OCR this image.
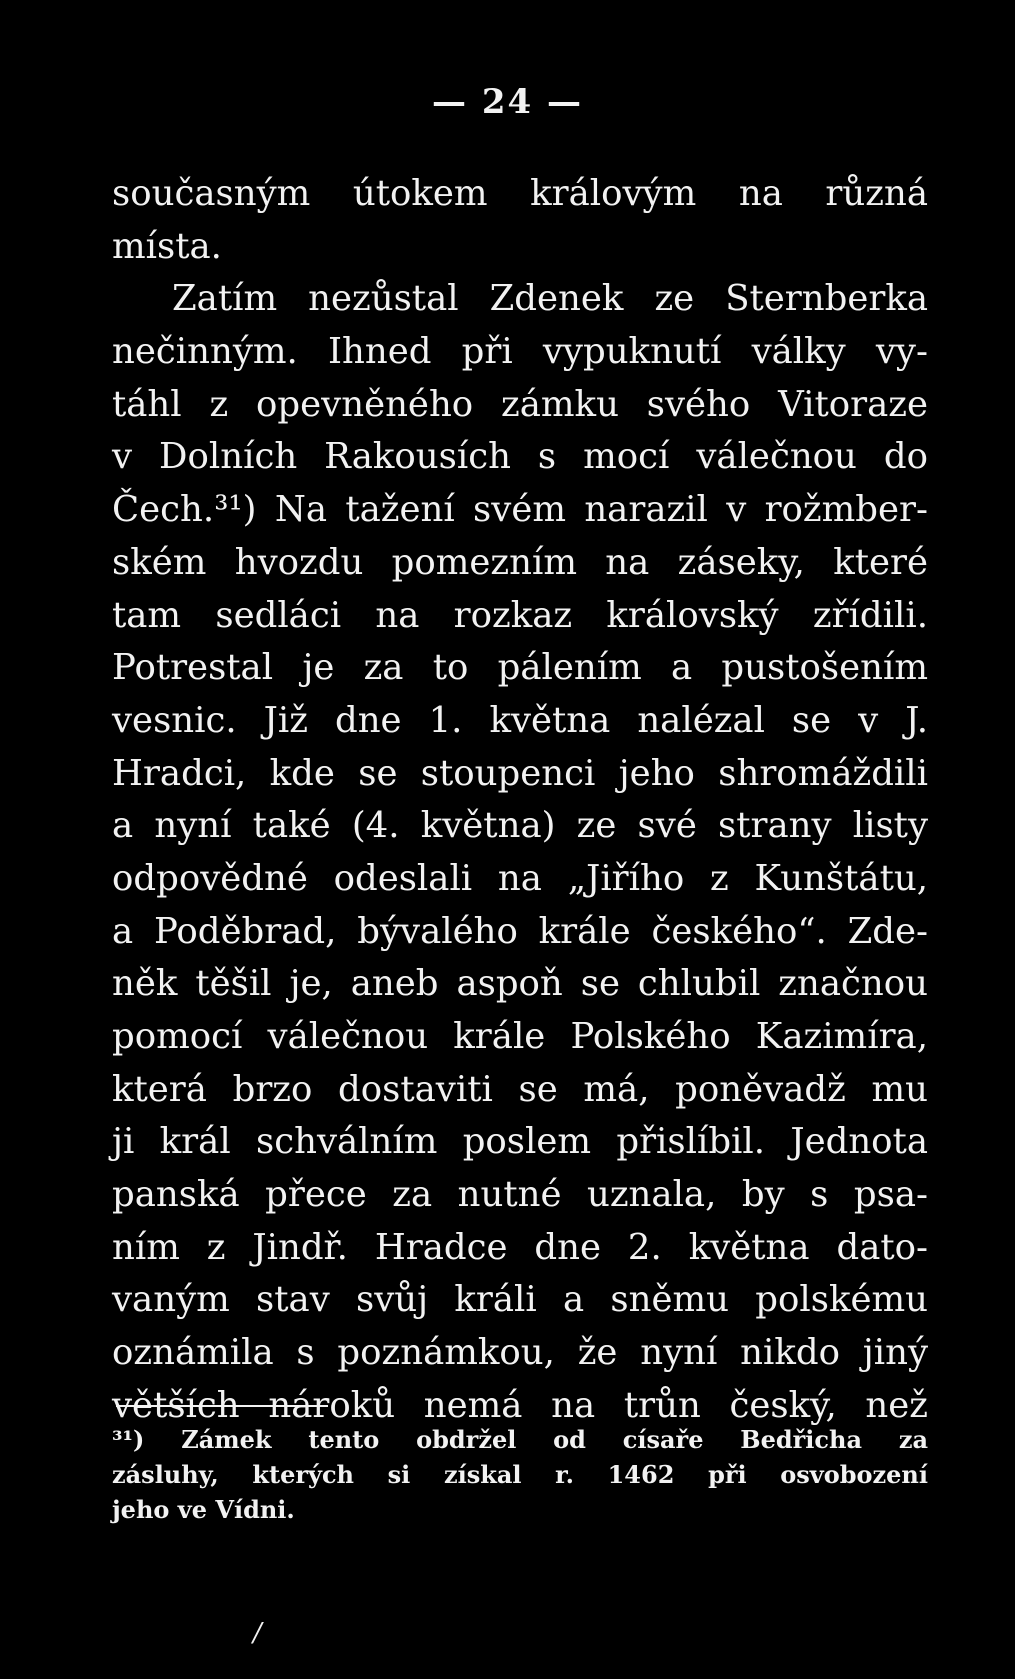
— 24 —
současným útokem královým na různá
místa.
Zatím nezůstal Zdenek ze Sternberka
nečinným. Ihned při vypuknutí války vy-
táhl z opevněného zámku svého Vitoraze
v Dolních Rakousích s mocí válečnou do
Čech.³¹) Na tažení svém narazil v rožmber-
ském hvozdu pomezním na záseky, které
tam sedláci na rozkaz královský zřídili.
Potrestal je za to pálením a pustošením
vesnic. Již dne 1. května nalézal se v J.
Hradci, kde se stoupenci jeho shromáždili
a nyní také (4. května) ze své strany listy
odpovědné odeslali na „Jiřího z Kunštátu,
a Poděbrad, bývalého krále českého“. Zde-
něk těšil je, aneb aspoň se chlubil značnou
pomocí válečnou krále Polského Kazimíra,
která brzo dostaviti se má, poněvadž mu
ji král schválním poslem přislíbil. Jednota
panská přece za nutné uznala, by s psa-
ním z Jindř. Hradce dne 2. května dato-
vaným stav svůj králi a sněmu polskému
oznámila s poznámkou, že nyní nikdo jiný
větších nároků nemá na trůn český, než
³¹) Zámek tento obdržel od císaře Bedřicha za
zásluhy, kterých si získal r. 1462 při osvobození
jeho ve Vídni.
/
